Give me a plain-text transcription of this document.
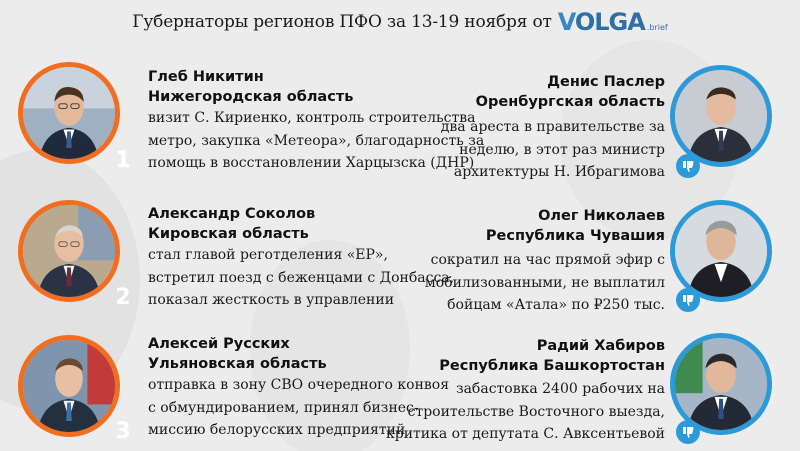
Губернаторы регионов ПФО за 13-19 ноября от VOLGA .brief
1
Глеб Никитин
Нижегородская область
визит С. Кириенко, контроль строительства
метро, закупка «Метеора», благодарность за
помощь в восстановлении Харцызска (ДНР)
2
Александр Соколов
Кировская область
стал главой реготделения «ЕР»,
встретил поезд с беженцами с Донбасса,
показал жесткость в управлении
3
Алексей Русских
Ульяновская область
отправка в зону СВО очередного конвоя
с обмундированием, принял бизнес-
миссию белорусских предприятий
Денис Паслер
Оренбургская область
два ареста в правительстве за
неделю, в этот раз министр
архитектуры Н. Ибрагимова
Олег Николаев
Республика Чувашия
сократил на час прямой эфир с
мобилизованными, не выплатил
бойцам «Атала» по ₽250 тыс.
Радий Хабиров
Республика Башкортостан
забастовка 2400 рабочих на
строительстве Восточного выезда,
критика от депутата С. Авксентьевой
